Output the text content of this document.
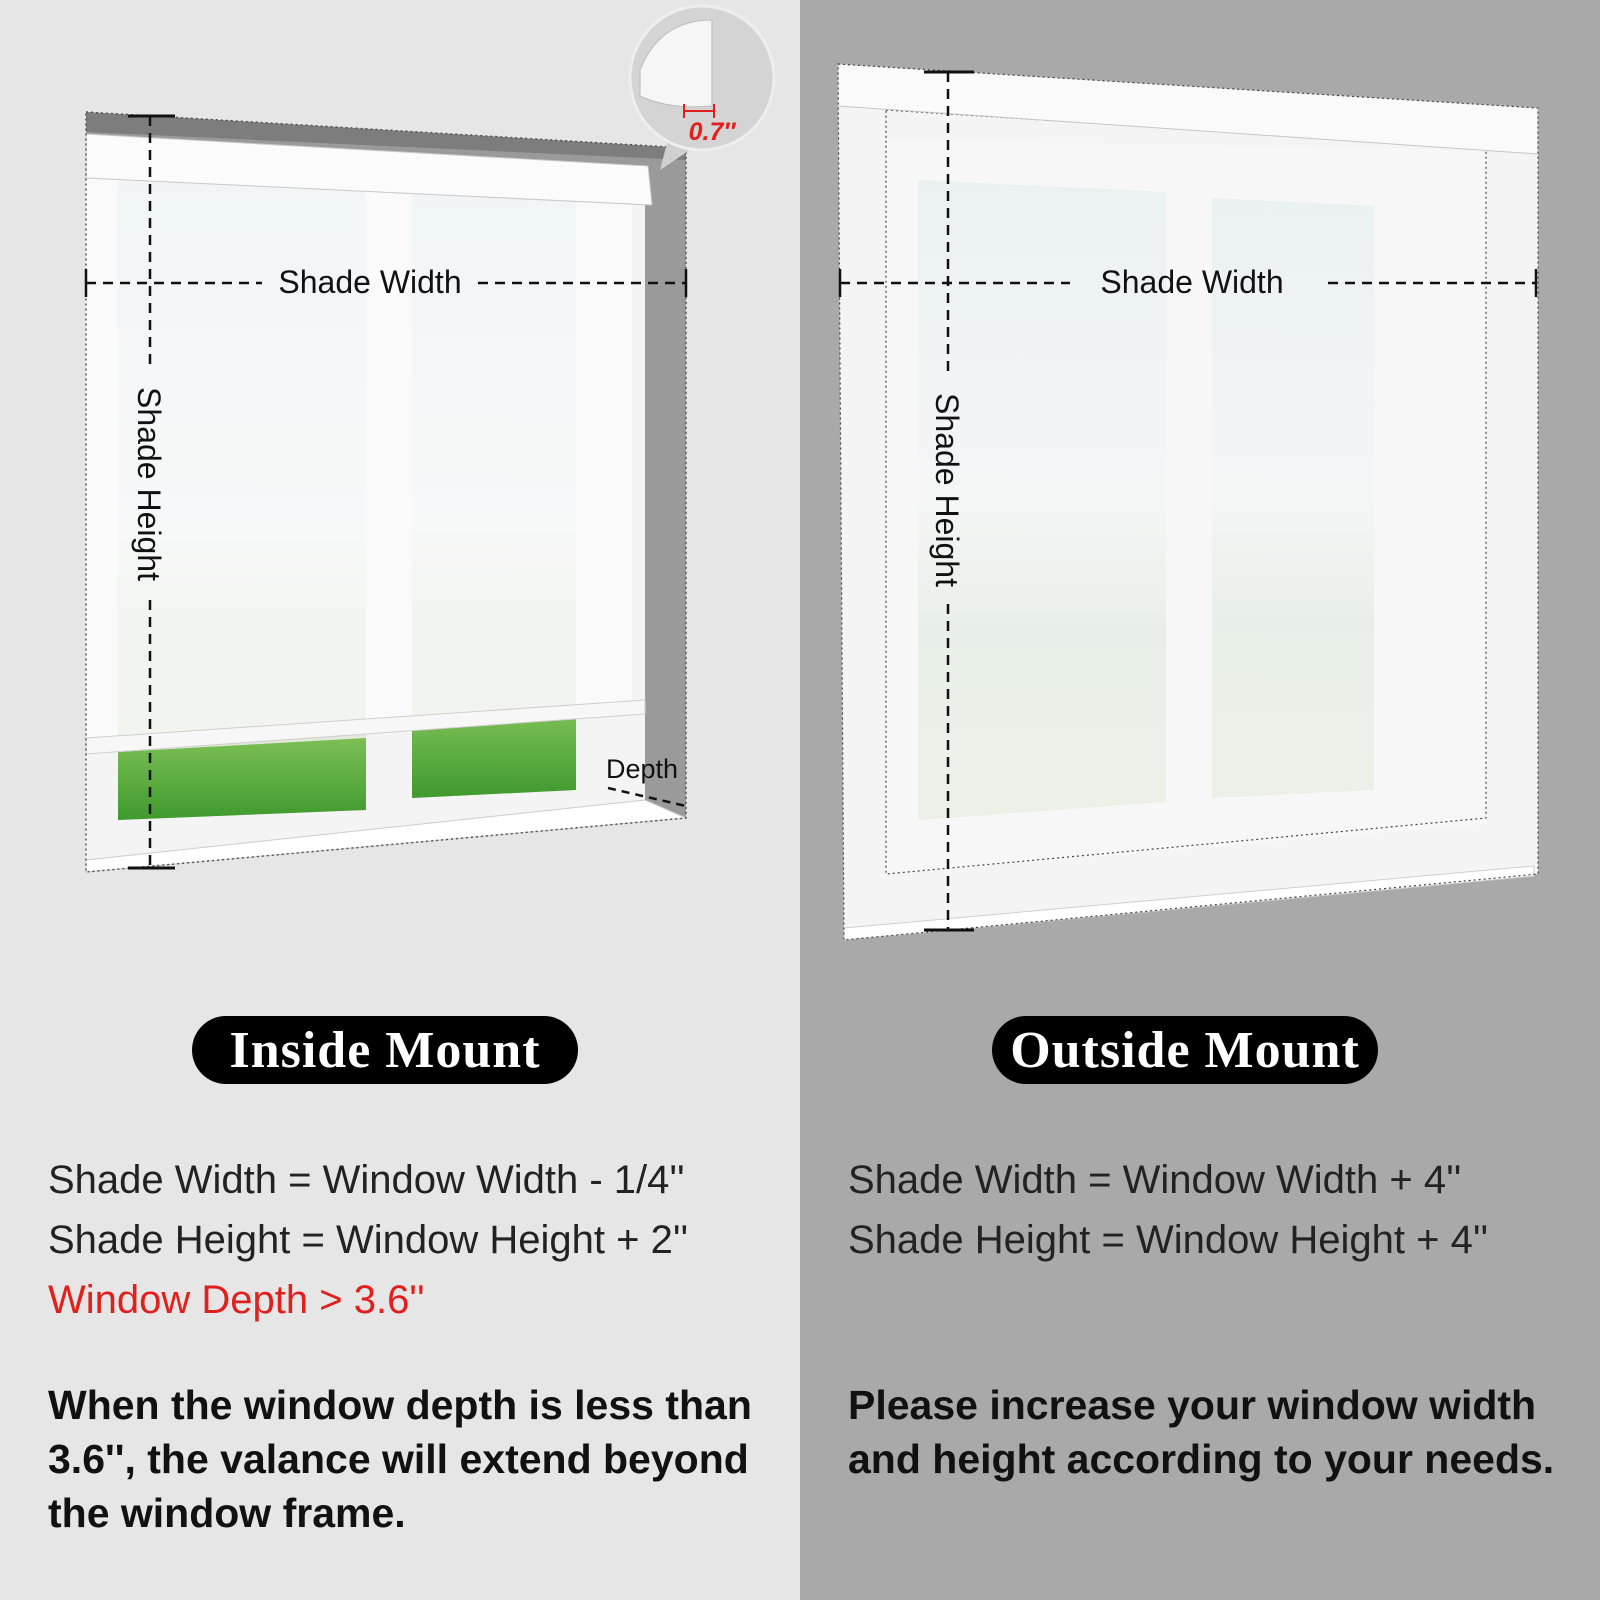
Shade Width
Shade Height
Depth
0.7″
Inside Mount
Shade Width = Window Width - 1/4''
Shade Height = Window Height + 2''
Window Depth > 3.6''
When the window depth is less than 3.6'', the valance will extend beyond the window frame.
Shade Width
Shade Height
Outside Mount
Shade Width = Window Width + 4''
Shade Height = Window Height + 4''
Please increase your window width and height according to your needs.
